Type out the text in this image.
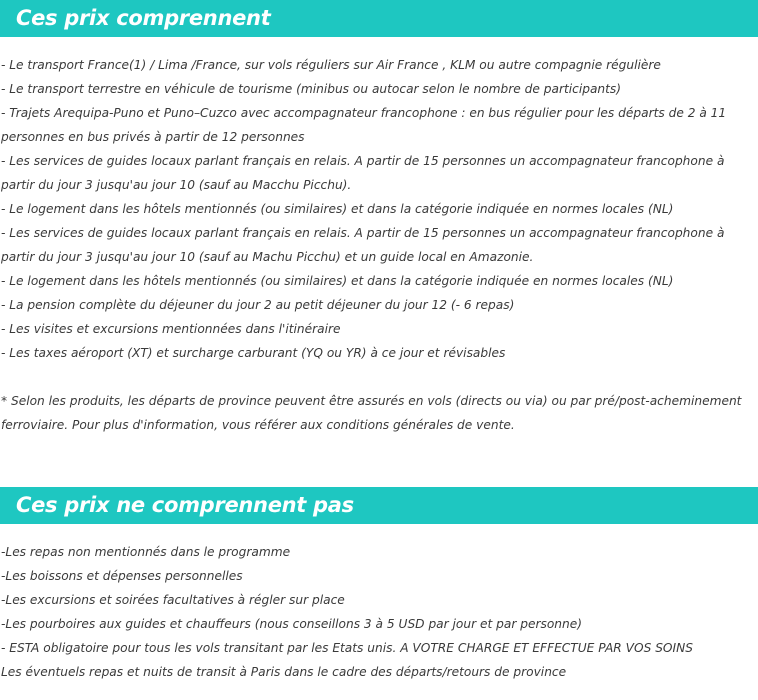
Ces prix comprennent
- Le transport France(1) / Lima /France, sur vols réguliers sur Air France , KLM ou autre compagnie régulière
- Le transport terrestre en véhicule de tourisme (minibus ou autocar selon le nombre de participants)
- Trajets Arequipa-Puno et Puno–Cuzco avec accompagnateur francophone : en bus régulier pour les départs de 2 à 11 personnes en bus privés à partir de 12 personnes
- Les services de guides locaux parlant français en relais. A partir de 15 personnes un accompagnateur francophone à partir du jour 3 jusqu'au jour 10 (sauf au Macchu Picchu).
- Le logement dans les hôtels mentionnés (ou similaires) et dans la catégorie indiquée en normes locales (NL)
- Les services de guides locaux parlant français en relais. A partir de 15 personnes un accompagnateur francophone à partir du jour 3 jusqu'au jour 10 (sauf au Machu Picchu) et un guide local en Amazonie.
- Le logement dans les hôtels mentionnés (ou similaires) et dans la catégorie indiquée en normes locales (NL)
- La pension complète du déjeuner du jour 2 au petit déjeuner du jour 12 (- 6 repas)
- Les visites et excursions mentionnées dans l'itinéraire
- Les taxes aéroport (XT) et surcharge carburant (YQ ou YR) à ce jour et révisables

* Selon les produits, les départs de province peuvent être assurés en vols (directs ou via) ou par pré/post-acheminement ferroviaire. Pour plus d'information, vous référer aux conditions générales de vente.

Ces prix ne comprennent pas
-Les repas non mentionnés dans le programme
-Les boissons et dépenses personnelles
-Les excursions et soirées facultatives à régler sur place
-Les pourboires aux guides et chauffeurs (nous conseillons 3 à 5 USD par jour et par personne)
- ESTA obligatoire pour tous les vols transitant par les Etats unis. A VOTRE CHARGE ET EFFECTUE PAR VOS SOINS
Les éventuels repas et nuits de transit à Paris dans le cadre des départs/retours de province
